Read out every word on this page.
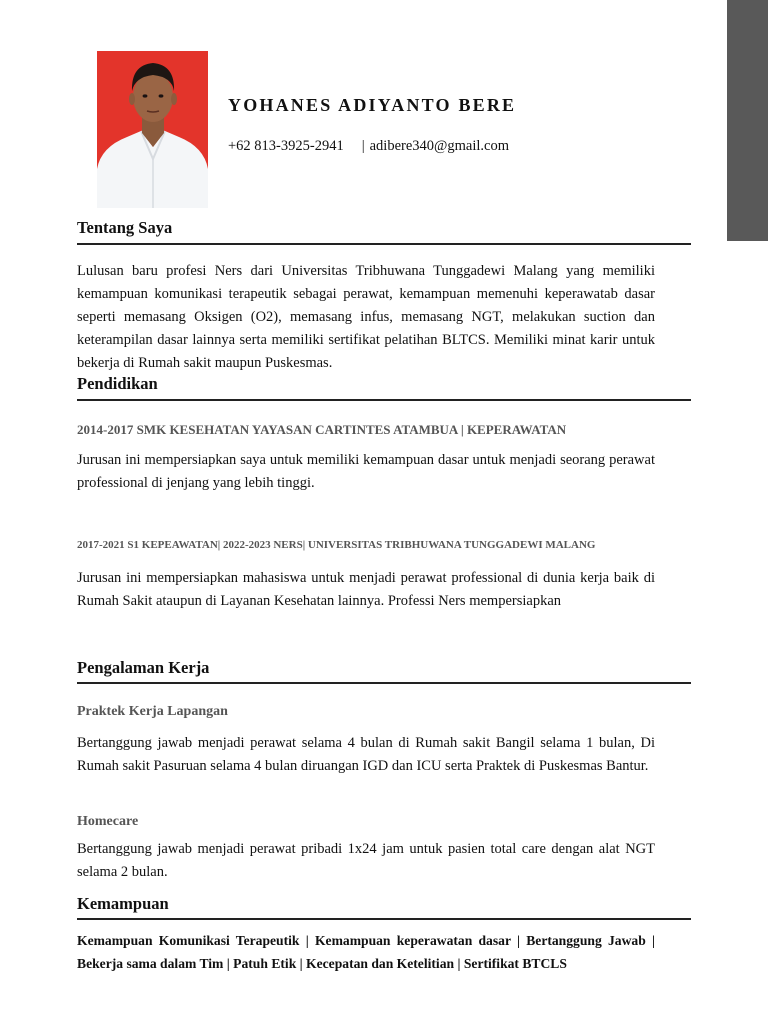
YOHANES ADIYANTO BERE
+62 813-3925-2941 | adibere340@gmail.com
Tentang Saya
Lulusan baru profesi Ners dari Universitas Tribhuwana Tunggadewi Malang yang memiliki kemampuan komunikasi terapeutik sebagai perawat, kemampuan memenuhi keperawatab dasar seperti memasang Oksigen (O2), memasang infus, memasang NGT, melakukan suction dan keterampilan dasar lainnya serta memiliki sertifikat pelatihan BLTCS. Memiliki minat karir untuk bekerja di Rumah sakit maupun Puskesmas.
Pendidikan
2014-2017 SMK KESEHATAN YAYASAN CARTINTES ATAMBUA | KEPERAWATAN
Jurusan ini mempersiapkan saya untuk memiliki kemampuan dasar untuk menjadi seorang perawat professional di jenjang yang lebih tinggi.
2017-2021 S1 KEPEAWATAN| 2022-2023 NERS| UNIVERSITAS TRIBHUWANA TUNGGADEWI MALANG
Jurusan ini mempersiapkan mahasiswa untuk menjadi perawat professional di dunia kerja baik di Rumah Sakit ataupun di Layanan Kesehatan lainnya. Professi Ners mempersiapkan
Pengalaman Kerja
Praktek Kerja Lapangan
Bertanggung jawab menjadi perawat selama 4 bulan di Rumah sakit Bangil selama 1 bulan, Di Rumah sakit Pasuruan selama 4 bulan diruangan IGD dan ICU serta Praktek di Puskesmas Bantur.
Homecare
Bertanggung jawab menjadi perawat pribadi 1x24 jam untuk pasien total care dengan alat NGT selama 2 bulan.
Kemampuan
Kemampuan Komunikasi Terapeutik | Kemampuan keperawatan dasar | Bertanggung Jawab | Bekerja sama dalam Tim | Patuh Etik | Kecepatan dan Ketelitian | Sertifikat BTCLS
